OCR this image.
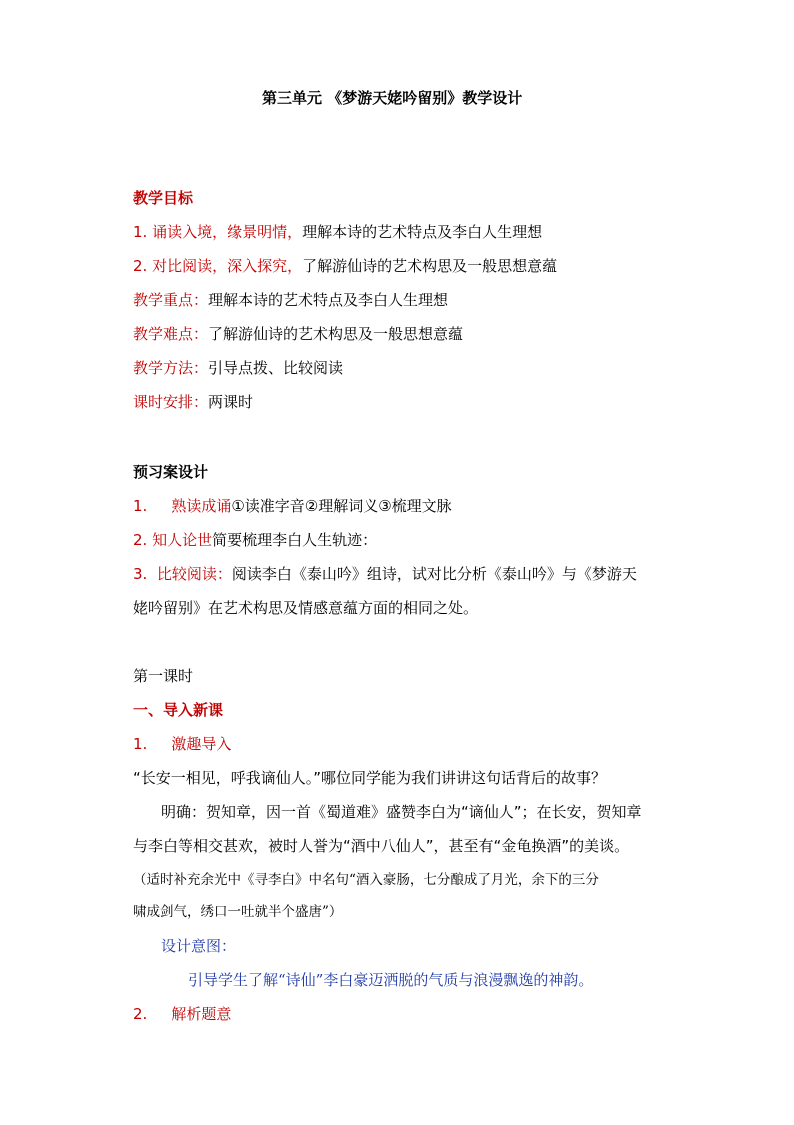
第三单元 《梦游天姥吟留别》教学设计
教学目标
1. 诵读入境，缘景明情，理解本诗的艺术特点及李白人生理想
2. 对比阅读，深入探究，了解游仙诗的艺术构思及一般思想意蕴
教学重点：理解本诗的艺术特点及李白人生理想
教学难点：了解游仙诗的艺术构思及一般思想意蕴
教学方法：引导点拨、比较阅读
课时安排：两课时
预习案设计
1. 熟读成诵①读准字音②理解词义③梳理文脉
2. 知人论世简要梳理李白人生轨迹：
3. 比较阅读：阅读李白《泰山吟》组诗，试对比分析《泰山吟》与《梦游天
姥吟留别》在艺术构思及情感意蕴方面的相同之处。
第一课时
一、导入新课
1. 激趣导入
“长安一相见，呼我谪仙人。”哪位同学能为我们讲讲这句话背后的故事？
明确：贺知章，因一首《蜀道难》盛赞李白为“谪仙人”；在长安，贺知章
与李白等相交甚欢，被时人誉为“酒中八仙人”，甚至有“金龟换酒”的美谈。
（适时补充余光中《寻李白》中名句“酒入豪肠，七分酿成了月光，余下的三分
啸成剑气，绣口一吐就半个盛唐”）
设计意图：
引导学生了解“诗仙”李白豪迈洒脱的气质与浪漫飘逸的神韵。
2. 解析题意
